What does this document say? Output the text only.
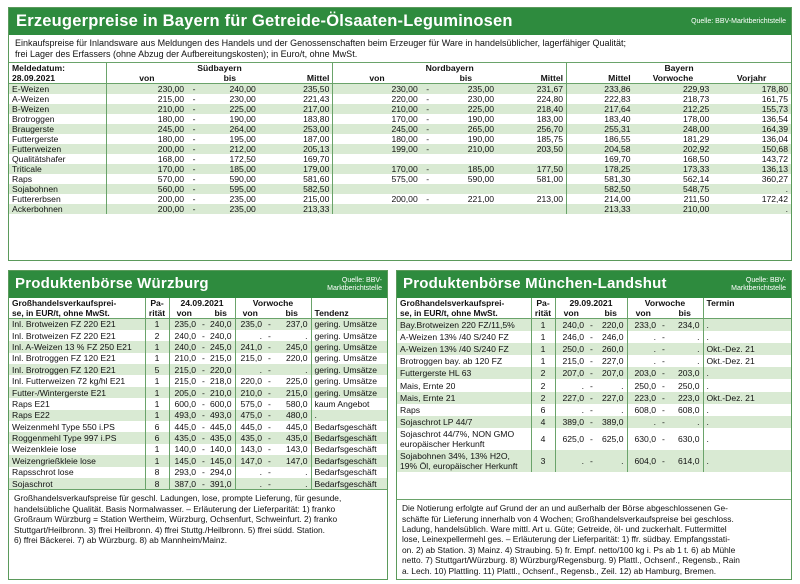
Erzeugerpreise in Bayern für Getreide-Ölsaaten-Leguminosen	Quelle: BBV-Marktberichtstelle
Einkaufspreise für Inlandsware aus Meldungen des Handels und der Genossenschaften beim Erzeuger für Ware in handelsüblicher, lagerfähiger Qualität;
frei Lager des Erfassers (ohne Abzug der Aufbereitungskosten); in Euro/t, ohne MwSt.
Meldedatum:	Südbayern				Nordbayern				Bayern		
28.09.2021	von		bis	Mittel	von		bis	Mittel	Mittel	Vorwoche	Vorjahr
E-Weizen	230,00	-	240,00	235,50	230,00	-	235,00	231,67	233,86	229,93	178,80
A-Weizen	215,00	-	230,00	221,43	220,00	-	230,00	224,80	222,83	218,73	161,75
B-Weizen	210,00	-	225,00	217,00	210,00	-	225,00	218,40	217,64	212,25	155,73
Brotroggen	180,00	-	190,00	183,80	170,00	-	190,00	183,00	183,40	178,00	136,54
Braugerste	245,00	-	264,00	253,00	245,00	-	265,00	256,70	255,31	248,00	164,39
Futtergerste	180,00	-	195,00	187,00	180,00	-	190,00	185,75	186,55	181,29	136,04
Futterweizen	200,00	-	212,00	205,13	199,00	-	210,00	203,50	204,58	202,92	150,68
Qualitätshafer	168,00	-	172,50	169,70					169,70	168,50	143,72
Triticale	170,00	-	185,00	179,00	170,00	-	185,00	177,50	178,25	173,33	136,13
Raps	570,00	-	590,00	581,60	575,00	-	590,00	581,00	581,30	562,14	360,27
Sojabohnen	560,00	-	595,00	582,50					582,50	548,75	.
Futtererbsen	200,00	-	235,00	215,00	200,00	-	221,00	213,00	214,00	211,50	172,42
Ackerbohnen	200,00	-	235,00	213,33					213,33	210,00	.
Produktenbörse Würzburg	Quelle: BBV-
Marktberichtstelle
Großhandelsverkaufsprei-	Pa-	24.09.2021			Vorwoche			
se, in EUR/t, ohne MwSt.	rität	von		bis	von		bis	Tendenz
Inl. Brotweizen FZ 220 E21	1	235,0	-	240,0	235,0	-	237,0	gering. Umsätze
Inl. Brotweizen FZ 220 E21	2	240,0	-	240,0	.	-	.	gering. Umsätze
Inl. A-Weizen 13 % FZ 250 E21	1	240,0	-	245,0	241,0	-	245,0	gering. Umsätze
Inl. Brotroggen FZ 120 E21	1	210,0	-	215,0	215,0	-	220,0	gering. Umsätze
Inl. Brotroggen FZ 120 E21	5	215,0	-	220,0	.	-	.	gering. Umsätze
Inl. Futterweizen 72 kg/hl E21	1	215,0	-	218,0	220,0	-	225,0	gering. Umsätze
Futter-/Wintergerste E21	1	205,0	-	210,0	210,0	-	215,0	gering. Umsätze
Raps E21	1	600,0	-	600,0	575,0	-	580,0	kaum Angebot
Raps E22	1	493,0	-	493,0	475,0	-	480,0	.
Weizenmehl Type 550 i.PS	6	445,0	-	445,0	445,0	-	445,0	Bedarfsgeschäft
Roggenmehl Type 997 i.PS	6	435,0	-	435,0	435,0	-	435,0	Bedarfsgeschäft
Weizenkleie lose	1	140,0	-	140,0	143,0	-	143,0	Bedarfsgeschäft
Weizengrießkleie lose	1	145,0	-	145,0	147,0	-	147,0	Bedarfsgeschäft
Rapsschrot lose	8	293,0	-	294,0	.	-	.	Bedarfsgeschäft
Sojaschrot	8	387,0	-	391,0	.	-	.	Bedarfsgeschäft
Großhandelsverkaufspreise für geschl. Ladungen, lose, prompte Lieferung, für gesunde,
handelsübliche Qualität. Basis Normalwasser. – Erläuterung der Lieferparität: 1) franko
Großraum Würzburg = Station Wertheim, Würzburg, Ochsenfurt, Schweinfurt. 2) franko
Stuttgart/Heilbronn. 3) ffrei Heilbronn. 4) ffrei Stuttg./Heilbronn. 5) ffrei südd. Station.
6) ffrei Bäckerei. 7) ab Würzburg. 8) ab Mannheim/Mainz.
Produktenbörse München-Landshut	Quelle: BBV-
Marktberichtstelle
Großhandelsverkaufsprei-	Pa-	29.09.2021			Vorwoche			Termin
se, in EUR/t, ohne MwSt.	rität	von		bis	von		bis	
Bay.Brotweizen 220 FZ/11,5%	1	240,0	-	220,0	233,0	-	234,0	.
A-Weizen 13% /40 S/240 FZ	1	246,0	-	246,0	.	-	.	.
A-Weizen 13% /40 S/240 FZ	1	250,0	-	260,0	.	-	.	Okt.-Dez. 21
Brotroggen bay. ab 120 FZ	1	215,0	-	227,0	.	-	.	Okt.-Dez. 21
Futtergerste HL 63	2	207,0	-	207,0	203,0	-	203,0	.
Mais, Ernte 20	2	.	-	.	250,0	-	250,0	.
Mais, Ernte 21	2	227,0	-	227,0	223,0	-	223,0	Okt.-Dez. 21
Raps	6	.	-	.	608,0	-	608,0	.
Sojaschrot LP 44/7	4	389,0	-	389,0	.	-	.	.
Sojaschrot 44/7%, NON GMO
europäischer Herkunft	4	625,0	-	625,0	630,0	-	630,0	.
Sojabohnen 34%, 13% H2O,
19% Öl, europäischer Herkunft	3	.	-	.	604,0	-	614,0	.
Die Notierung erfolgte auf Grund der an und außerhalb der Börse abgeschlossenen Ge-
schäfte für Lieferung innerhalb von 4 Wochen; Großhandelsverkaufspreise bei geschloss.
Ladung, handelsüblich. Ware mittl. Art u. Güte; Getreide, öl- und zuckerhalt. Futtermittel
lose, Leinexpellermehl ges. – Erläuterung der Lieferparität: 1) ffr. südbay. Empfangsstati-
on. 2) ab Station. 3) Mainz. 4) Straubing. 5) fr. Empf. netto/100 kg i. Ps ab 1 t. 6) ab Mühle
netto. 7) Stuttgart/Würzburg. 8) Würzburg/Regensburg. 9) Plattl., Ochsenf., Regensb., Rain
a. Lech. 10) Plattling. 11) Plattl., Ochsenf., Regensb., Zeil. 12) ab Hamburg, Bremen.
